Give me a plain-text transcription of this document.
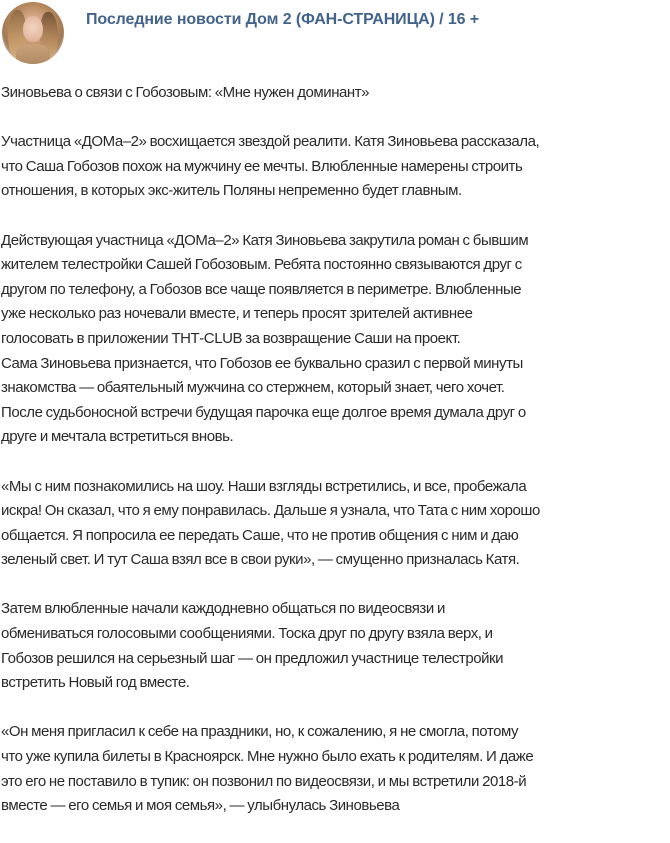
Последние новости Дом 2 (ФАН-СТРАНИЦА) / 16 +

Зиновьева о связи с Гобозовым: «Мне нужен доминант»

Участница «ДОМа–2» восхищается звездой реалити. Катя Зиновьева рассказала,
что Саша Гобозов похож на мужчину ее мечты. Влюбленные намерены строить
отношения, в которых экс-житель Поляны непременно будет главным.

Действующая участница «ДОМа–2» Катя Зиновьева закрутила роман с бывшим
жителем телестройки Сашей Гобозовым. Ребята постоянно связываются друг с
другом по телефону, а Гобозов все чаще появляется в периметре. Влюбленные
уже несколько раз ночевали вместе, и теперь просят зрителей активнее
голосовать в приложении ТНТ-CLUB за возвращение Саши на проект.
Сама Зиновьева признается, что Гобозов ее буквально сразил с первой минуты
знакомства — обаятельный мужчина со стержнем, который знает, чего хочет.
После судьбоносной встречи будущая парочка еще долгое время думала друг о
друге и мечтала встретиться вновь.

«Мы с ним познакомились на шоу. Наши взгляды встретились, и все, пробежала
искра! Он сказал, что я ему понравилась. Дальше я узнала, что Тата с ним хорошо
общается. Я попросила ее передать Саше, что не против общения с ним и даю
зеленый свет. И тут Саша взял все в свои руки», — смущенно призналась Катя.

Затем влюбленные начали каждодневно общаться по видеосвязи и
обмениваться голосовыми сообщениями. Тоска друг по другу взяла верх, и
Гобозов решился на серьезный шаг — он предложил участнице телестройки
встретить Новый год вместе.

«Он меня пригласил к себе на праздники, но, к сожалению, я не смогла, потому
что уже купила билеты в Красноярск. Мне нужно было ехать к родителям. И даже
это его не поставило в тупик: он позвонил по видеосвязи, и мы встретили 2018-й
вместе — его семья и моя семья», — улыбнулась Зиновьева
